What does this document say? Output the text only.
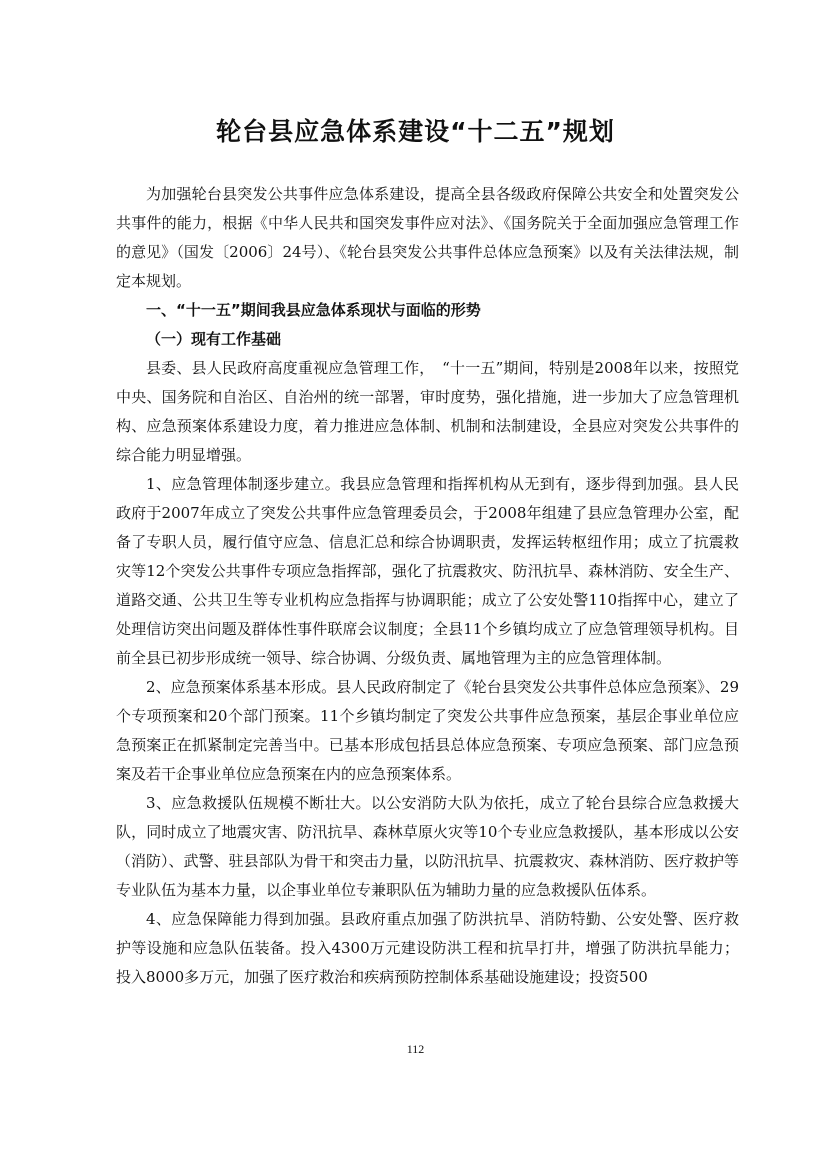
轮台县应急体系建设“十二五”规划

为加强轮台县突发公共事件应急体系建设，提高全县各级政府保障公共安全和处置突发公共事件的能力，根据《中华人民共和国突发事件应对法》、《国务院关于全面加强应急管理工作的意见》（国发〔2006〕24号）、《轮台县突发公共事件总体应急预案》以及有关法律法规，制定本规划。

一、“十一五”期间我县应急体系现状与面临的形势

（一）现有工作基础

县委、县人民政府高度重视应急管理工作，　“十一五”期间，特别是2008年以来，按照党中央、国务院和自治区、自治州的统一部署，审时度势，强化措施，进一步加大了应急管理机构、应急预案体系建设力度，着力推进应急体制、机制和法制建设，全县应对突发公共事件的综合能力明显增强。

1、应急管理体制逐步建立。我县应急管理和指挥机构从无到有，逐步得到加强。县人民政府于2007年成立了突发公共事件应急管理委员会，于2008年组建了县应急管理办公室，配备了专职人员，履行值守应急、信息汇总和综合协调职责，发挥运转枢纽作用；成立了抗震救灾等12个突发公共事件专项应急指挥部，强化了抗震救灾、防汛抗旱、森林消防、安全生产、道路交通、公共卫生等专业机构应急指挥与协调职能；成立了公安处警110指挥中心，建立了处理信访突出问题及群体性事件联席会议制度；全县11个乡镇均成立了应急管理领导机构。目前全县已初步形成统一领导、综合协调、分级负责、属地管理为主的应急管理体制。

2、应急预案体系基本形成。县人民政府制定了《轮台县突发公共事件总体应急预案》、29个专项预案和20个部门预案。11个乡镇均制定了突发公共事件应急预案，基层企事业单位应急预案正在抓紧制定完善当中。已基本形成包括县总体应急预案、专项应急预案、部门应急预案及若干企事业单位应急预案在内的应急预案体系。

3、应急救援队伍规模不断壮大。以公安消防大队为依托，成立了轮台县综合应急救援大队，同时成立了地震灾害、防汛抗旱、森林草原火灾等10个专业应急救援队，基本形成以公安（消防）、武警、驻县部队为骨干和突击力量，以防汛抗旱、抗震救灾、森林消防、医疗救护等专业队伍为基本力量，以企事业单位专兼职队伍为辅助力量的应急救援队伍体系。

4、应急保障能力得到加强。县政府重点加强了防洪抗旱、消防特勤、公安处警、医疗救护等设施和应急队伍装备。投入4300万元建设防洪工程和抗旱打井，增强了防洪抗旱能力；投入8000多万元，加强了医疗救治和疾病预防控制体系基础设施建设；投资500

112
